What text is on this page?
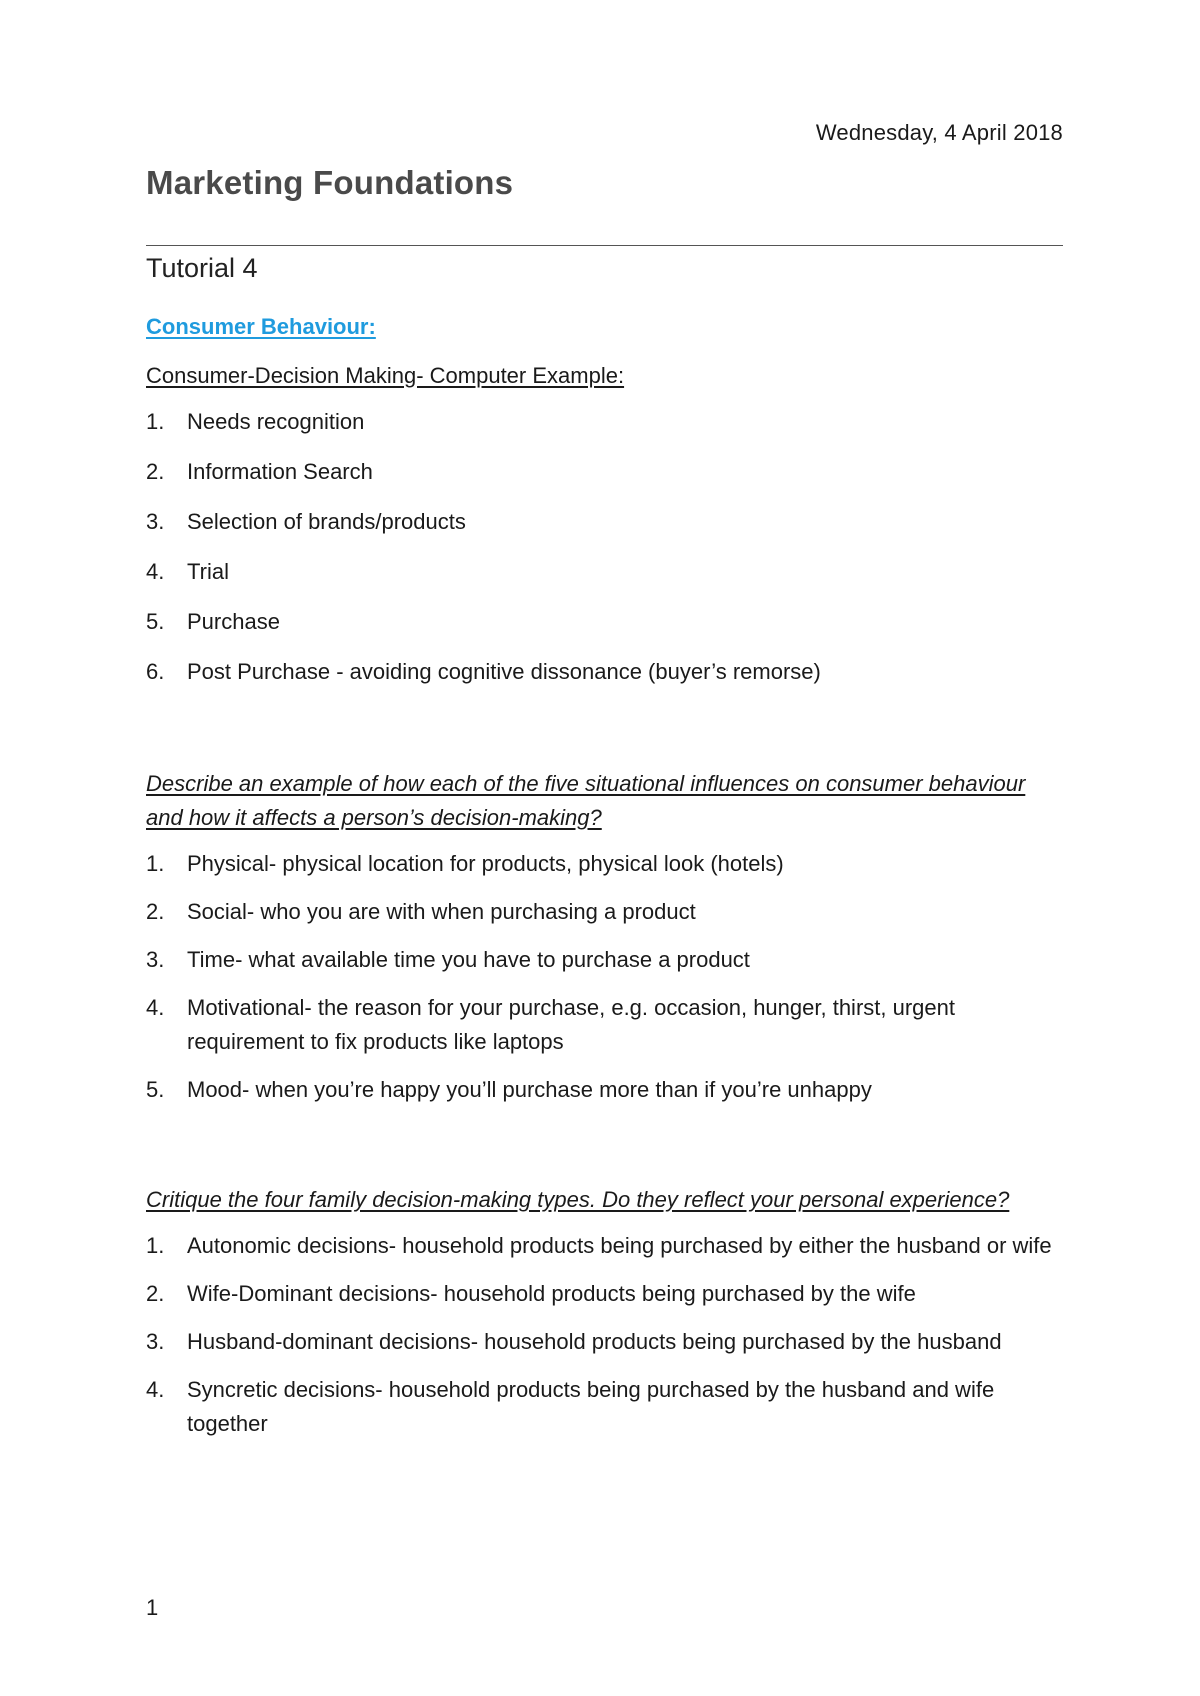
Wednesday, 4 April 2018
Marketing Foundations
Tutorial 4

Consumer Behaviour:

Consumer-Decision Making- Computer Example:

1. Needs recognition
2. Information Search
3. Selection of brands/products
4. Trial
5. Purchase
6. Post Purchase - avoiding cognitive dissonance (buyer’s remorse)

Describe an example of how each of the five situational influences on consumer behaviour and how it affects a person’s decision-making?

1. Physical- physical location for products, physical look (hotels)
2. Social- who you are with when purchasing a product
3. Time- what available time you have to purchase a product
4. Motivational- the reason for your purchase, e.g. occasion, hunger, thirst, urgent requirement to fix products like laptops
5. Mood- when you’re happy you’ll purchase more than if you’re unhappy

Critique the four family decision-making types. Do they reflect your personal experience?

1. Autonomic decisions- household products being purchased by either the husband or wife
2. Wife-Dominant decisions- household products being purchased by the wife
3. Husband-dominant decisions- household products being purchased by the husband
4. Syncretic decisions- household products being purchased by the husband and wife together
1
